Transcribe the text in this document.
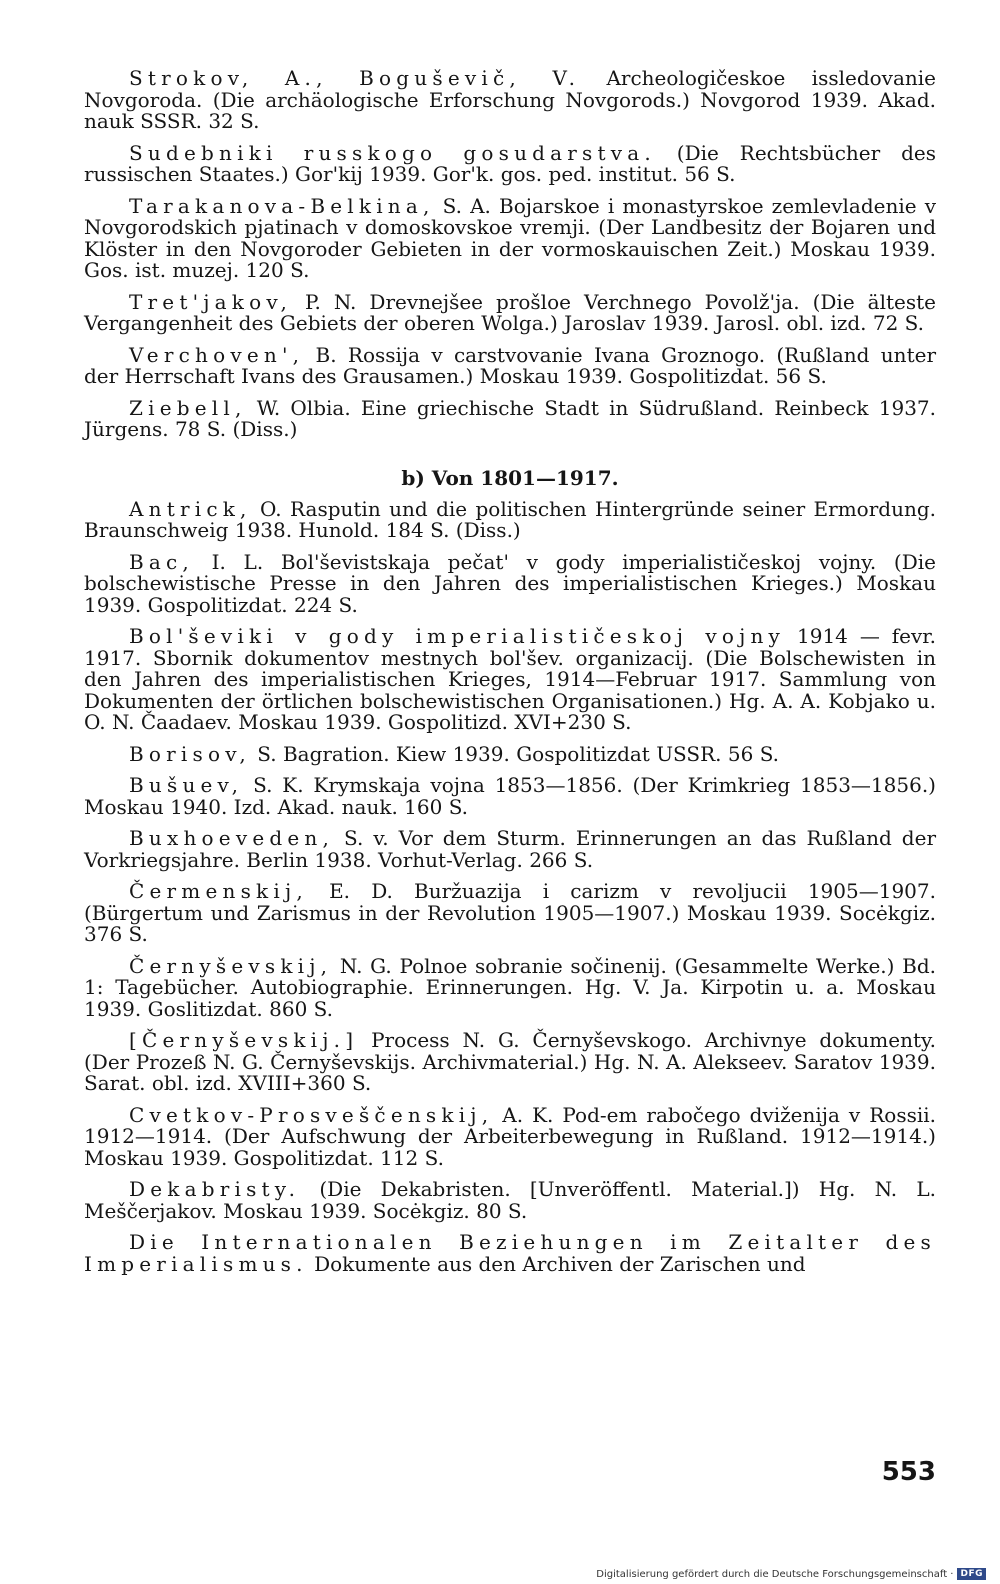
Strokov, A., Boguševič, V. Archeologičeskoe issledovanie Novgoroda. (Die archäologische Erforschung Novgorods.) Novgorod 1939. Akad. nauk SSSR. 32 S.

Sudebniki russkogo gosudarstva. (Die Rechtsbücher des russischen Staates.) Gor'kij 1939. Gor'k. gos. ped. institut. 56 S.

Tarakanova-Belkina, S. A. Bojarskoe i monastyrskoe zemlevladenie v Novgorodskich pjatinach v domoskovskoe vremji. (Der Landbesitz der Bojaren und Klöster in den Novgoroder Gebieten in der vormoskauischen Zeit.) Moskau 1939. Gos. ist. muzej. 120 S.

Tret'jakov, P. N. Drevnejšee prošloe Verchnego Povolž'ja. (Die älteste Vergangenheit des Gebiets der oberen Wolga.) Jaroslav 1939. Jarosl. obl. izd. 72 S.

Verchoven', B. Rossija v carstvovanie Ivana Groznogo. (Rußland unter der Herrschaft Ivans des Grausamen.) Moskau 1939. Gospolitizdat. 56 S.

Ziebell, W. Olbia. Eine griechische Stadt in Südrußland. Reinbeck 1937. Jürgens. 78 S. (Diss.)

b) Von 1801—1917.

Antrick, O. Rasputin und die politischen Hintergründe seiner Ermordung. Braunschweig 1938. Hunold. 184 S. (Diss.)

Bac, I. L. Bol'ševistskaja pečat' v gody imperialističeskoj vojny. (Die bolschewistische Presse in den Jahren des imperialistischen Krieges.) Moskau 1939. Gospolitizdat. 224 S.

Bol'ševiki v gody imperialističeskoj vojny 1914 — fevr. 1917. Sbornik dokumentov mestnych bol'šev. organizacij. (Die Bolschewisten in den Jahren des imperialistischen Krieges, 1914—Februar 1917. Sammlung von Dokumenten der örtlichen bolschewistischen Organisationen.) Hg. A. A. Kobjako u. O. N. Čaadaev. Moskau 1939. Gospolitizd. XVI+230 S.

Borisov, S. Bagration. Kiew 1939. Gospolitizdat USSR. 56 S.

Bušuev, S. K. Krymskaja vojna 1853—1856. (Der Krimkrieg 1853—1856.) Moskau 1940. Izd. Akad. nauk. 160 S.

Buxhoeveden, S. v. Vor dem Sturm. Erinnerungen an das Rußland der Vorkriegsjahre. Berlin 1938. Vorhut-Verlag. 266 S.

Čermenskij, E. D. Buržuazija i carizm v revoljucii 1905—1907. (Bürgertum und Zarismus in der Revolution 1905—1907.) Moskau 1939. Socėkgiz. 376 S.

Černyševskij, N. G. Polnoe sobranie sočinenij. (Gesammelte Werke.) Bd. 1: Tagebücher. Autobiographie. Erinnerungen. Hg. V. Ja. Kirpotin u. a. Moskau 1939. Goslitizdat. 860 S.

[Černyševskij.] Process N. G. Černyševskogo. Archivnye dokumenty. (Der Prozeß N. G. Černyševskijs. Archivmaterial.) Hg. N. A. Alekseev. Saratov 1939. Sarat. obl. izd. XVIII+360 S.

Cvetkov-Prosveščenskij, A. K. Pod-em rabočego dviženija v Rossii. 1912—1914. (Der Aufschwung der Arbeiterbewegung in Rußland. 1912—1914.) Moskau 1939. Gospolitizdat. 112 S.

Dekabristy. (Die Dekabristen. [Unveröffentl. Material.]) Hg. N. L. Meščerjakov. Moskau 1939. Socėkgiz. 80 S.

Die Internationalen Beziehungen im Zeitalter des Imperialismus. Dokumente aus den Archiven der Zarischen und

553
Digitalisierung gefördert durch die Deutsche Forschungsgemeinschaft · DFG
